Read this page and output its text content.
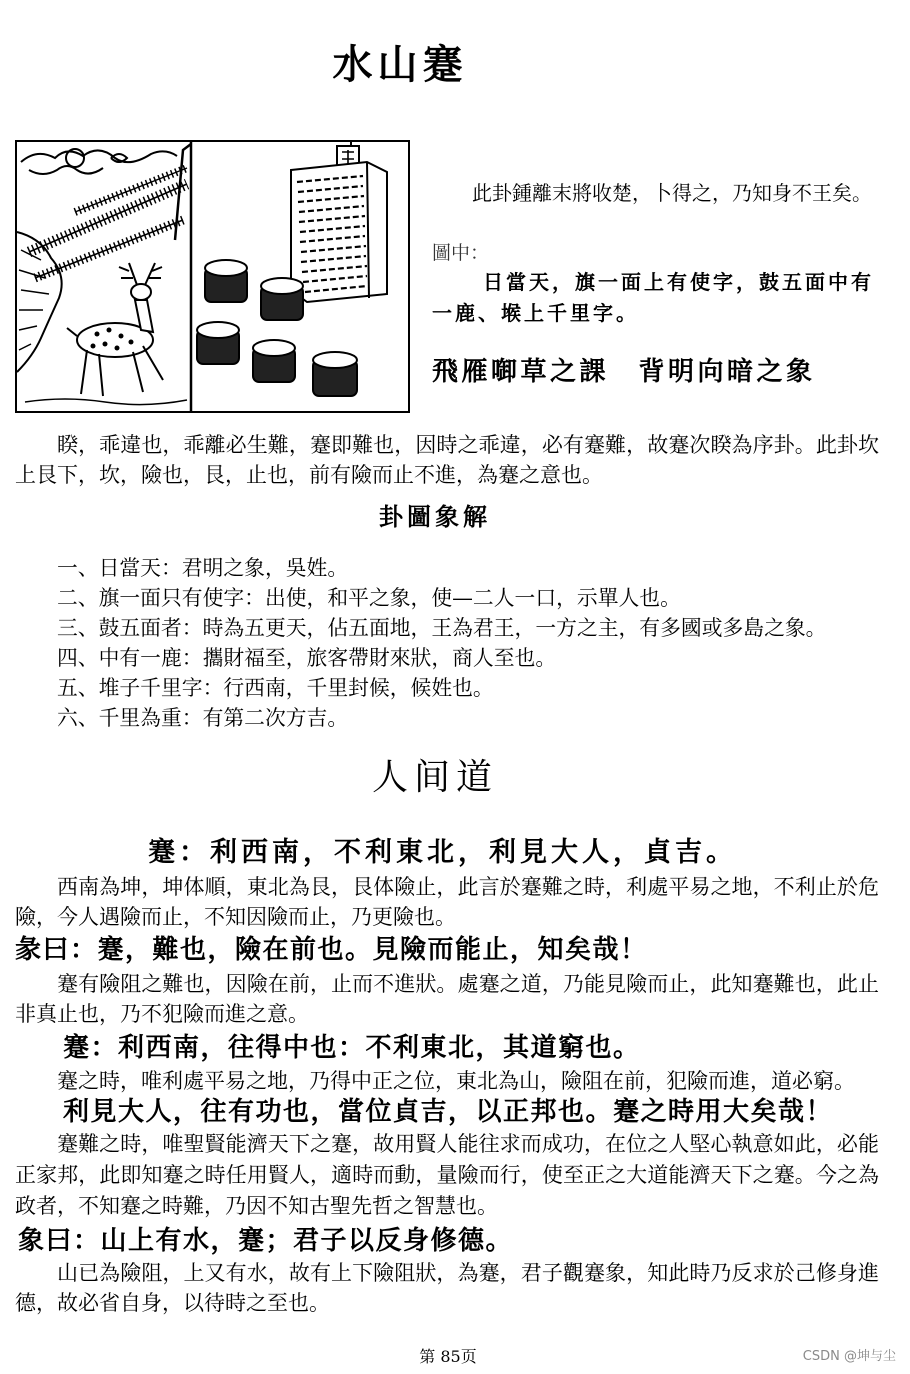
水山蹇
此卦鍾離末將收楚，卜得之，乃知身不王矣。
圖中：
日當天，旗一面上有使字，鼓五面中有一鹿、堠上千里字。
飛雁啣草之課　背明向暗之象
睽，乖違也，乖離必生難，蹇即難也，因時之乖違，必有蹇難，故蹇次睽為序卦。此卦坎上艮下，坎，險也，艮，止也，前有險而止不進，為蹇之意也。
卦圖象解
一、日當天：君明之象，吳姓。
二、旗一面只有使字：出使，和平之象，使—二人一口，示單人也。
三、鼓五面者：時為五更天，佔五面地，王為君王，一方之主，有多國或多島之象。
四、中有一鹿：攜財福至，旅客帶財來狀，商人至也。
五、堆子千里字：行西南，千里封候，候姓也。
六、千里為重：有第二次方吉。
人间道
蹇：利西南，不利東北，利見大人，貞吉。
西南為坤，坤体順，東北為艮，艮体險止，此言於蹇難之時，利處平易之地，不利止於危險，今人遇險而止，不知因險而止，乃更險也。
彖曰：蹇，難也，險在前也。見險而能止，知矣哉！
蹇有險阻之難也，因險在前，止而不進狀。處蹇之道，乃能見險而止，此知蹇難也，此止非真止也，乃不犯險而進之意。
蹇：利西南，往得中也：不利東北，其道窮也。
蹇之時，唯利處平易之地，乃得中正之位，東北為山，險阻在前，犯險而進，道必窮。
利見大人，往有功也，當位貞吉，以正邦也。蹇之時用大矣哉！
蹇難之時，唯聖賢能濟天下之蹇，故用賢人能往求而成功，在位之人堅心執意如此，必能正家邦，此即知蹇之時任用賢人，適時而動，量險而行，使至正之大道能濟天下之蹇。今之為政者，不知蹇之時難，乃因不知古聖先哲之智慧也。
象曰：山上有水，蹇；君子以反身修德。
山已為險阻，上又有水，故有上下險阻狀，為蹇，君子觀蹇象，知此時乃反求於己修身進德，故必省自身，以待時之至也。
第 85页	CSDN @坤与尘
